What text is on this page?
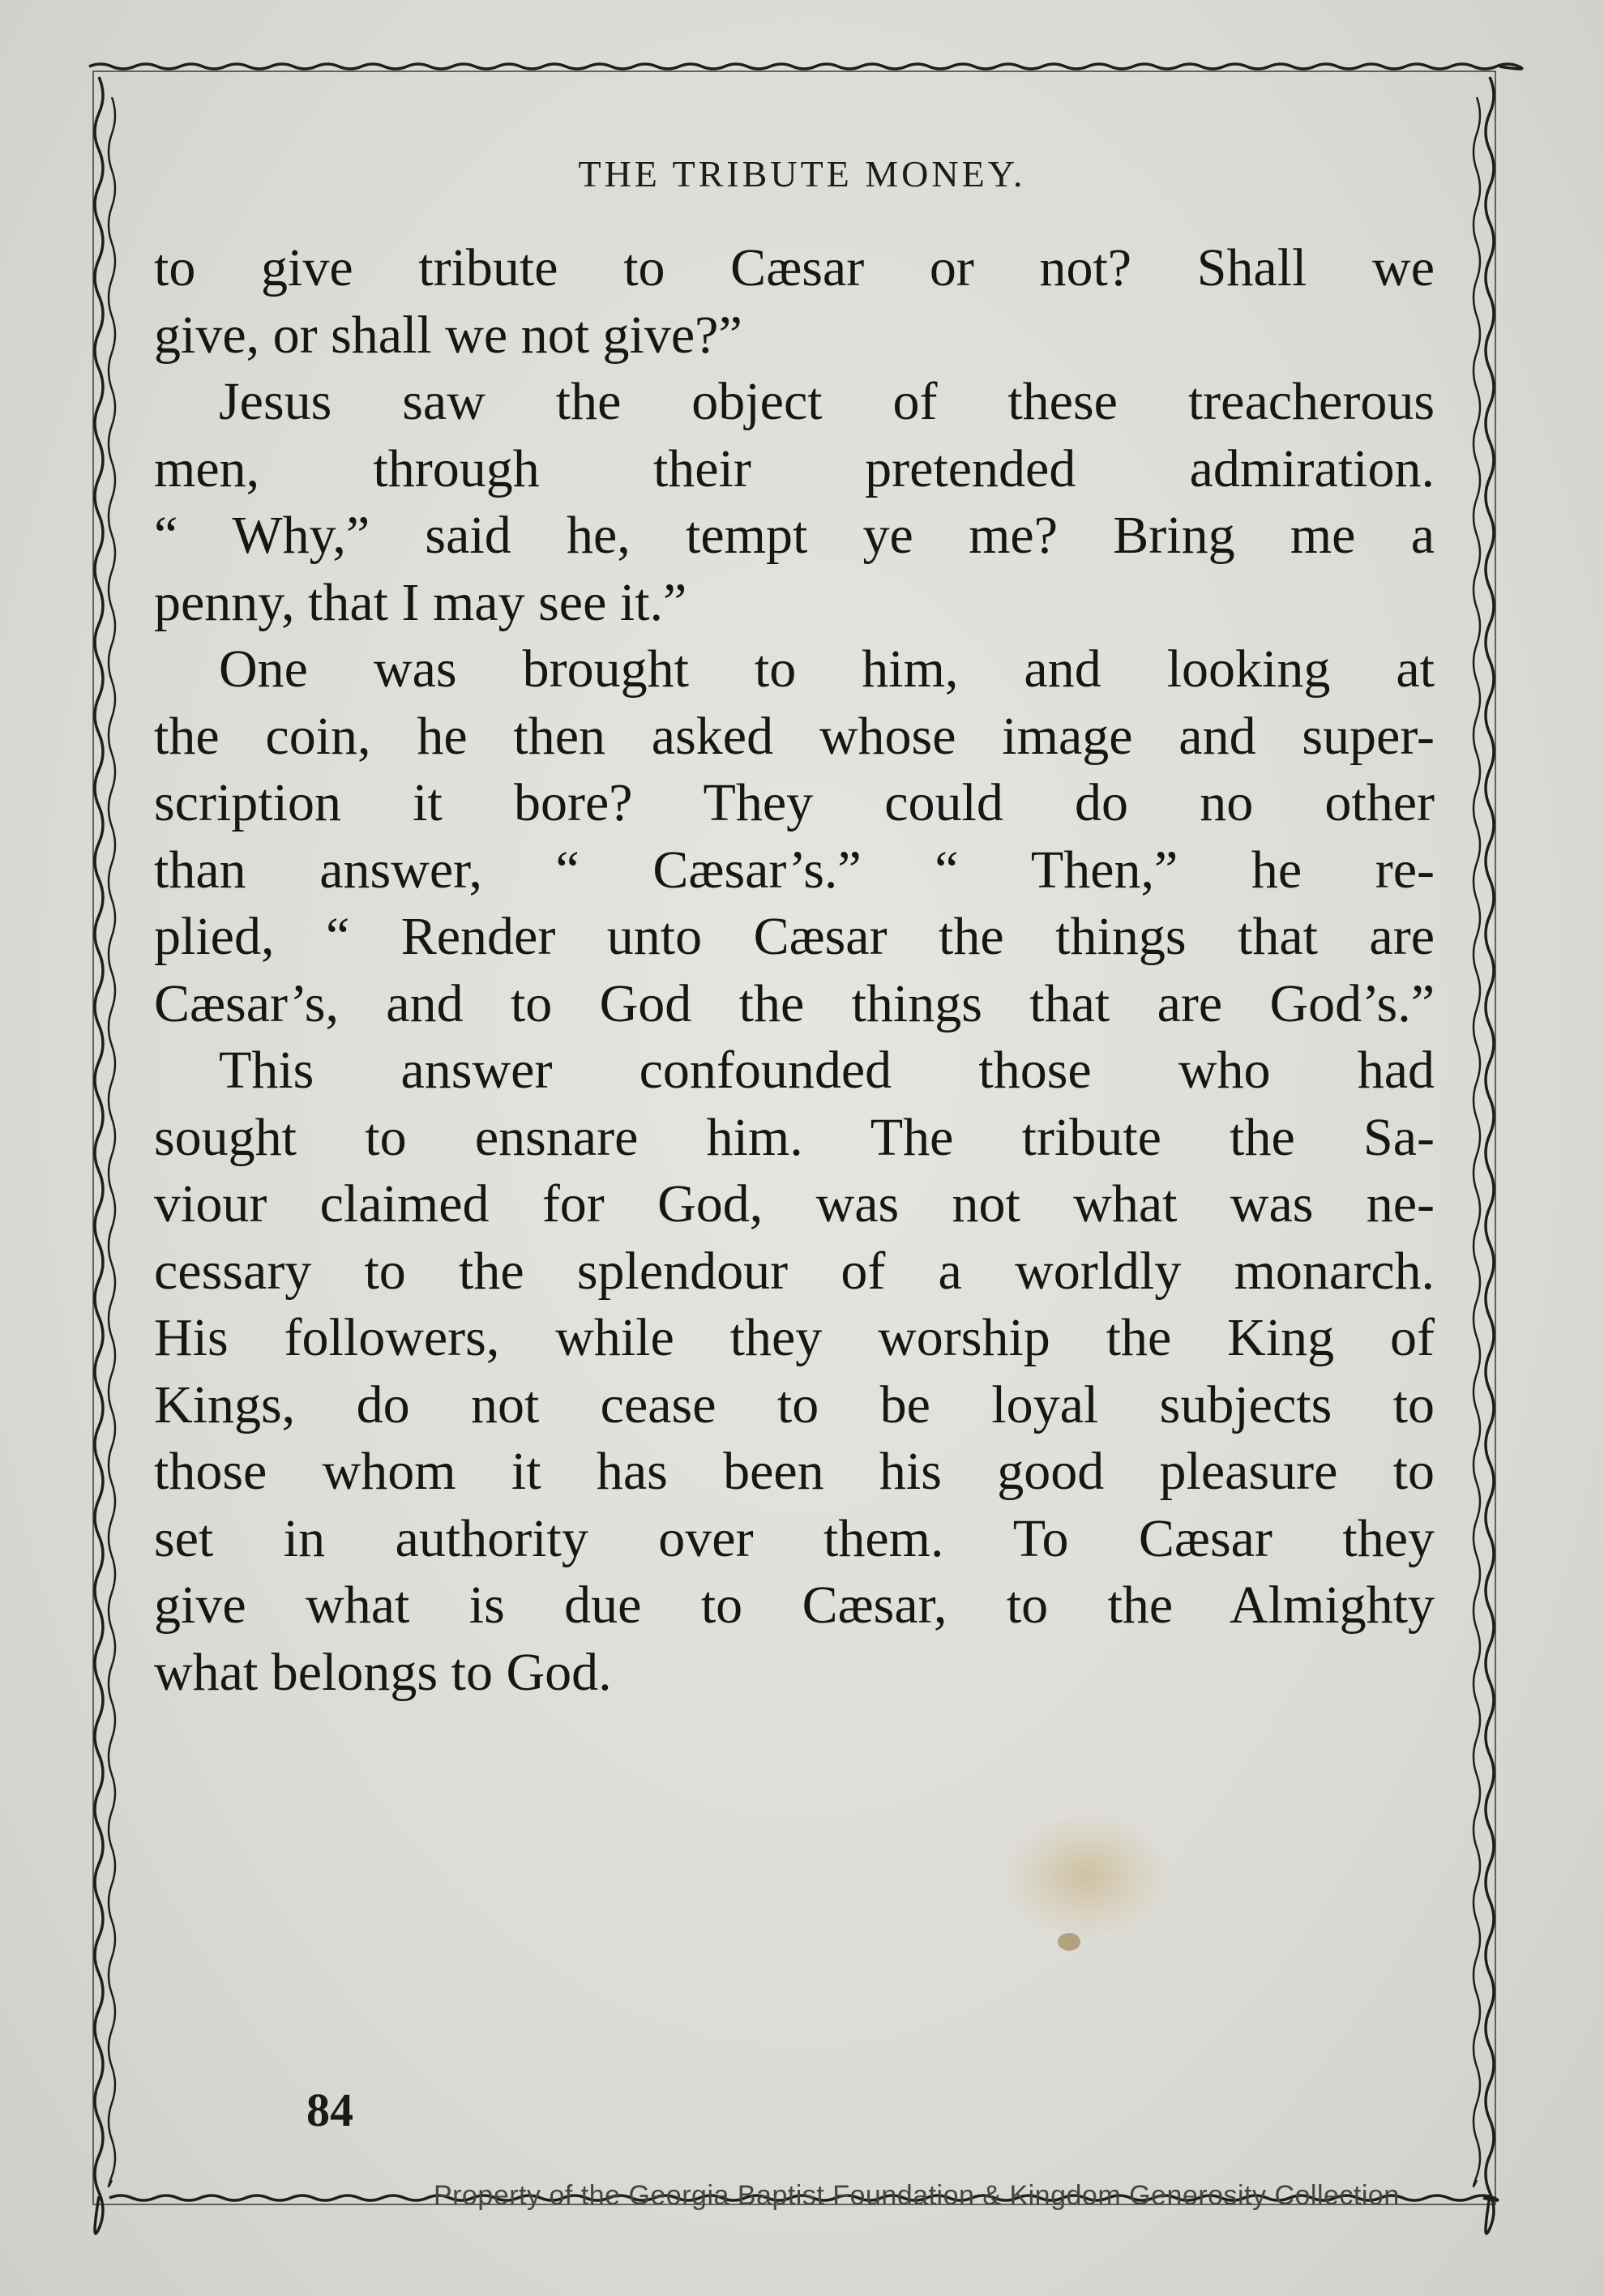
THE TRIBUTE MONEY.
to give tribute to Cæsar or not? Shall we
give, or shall we not give?”
Jesus saw the object of these treacherous
men, through their pretended admiration.
“ Why,” said he, tempt ye me? Bring me a
penny, that I may see it.”
One was brought to him, and looking at
the coin, he then asked whose image and super-
scription it bore? They could do no other
than answer, “ Cæsar’s.” “ Then,” he re-
plied, “ Render unto Cæsar the things that are
Cæsar’s, and to God the things that are God’s.”
This answer confounded those who had
sought to ensnare him. The tribute the Sa-
viour claimed for God, was not what was ne-
cessary to the splendour of a worldly monarch.
His followers, while they worship the King of
Kings, do not cease to be loyal subjects to
those whom it has been his good pleasure to
set in authority over them. To Cæsar they
give what is due to Cæsar, to the Almighty
what belongs to God.
84
Property of the Georgia Baptist Foundation & Kingdom Generosity Collection
